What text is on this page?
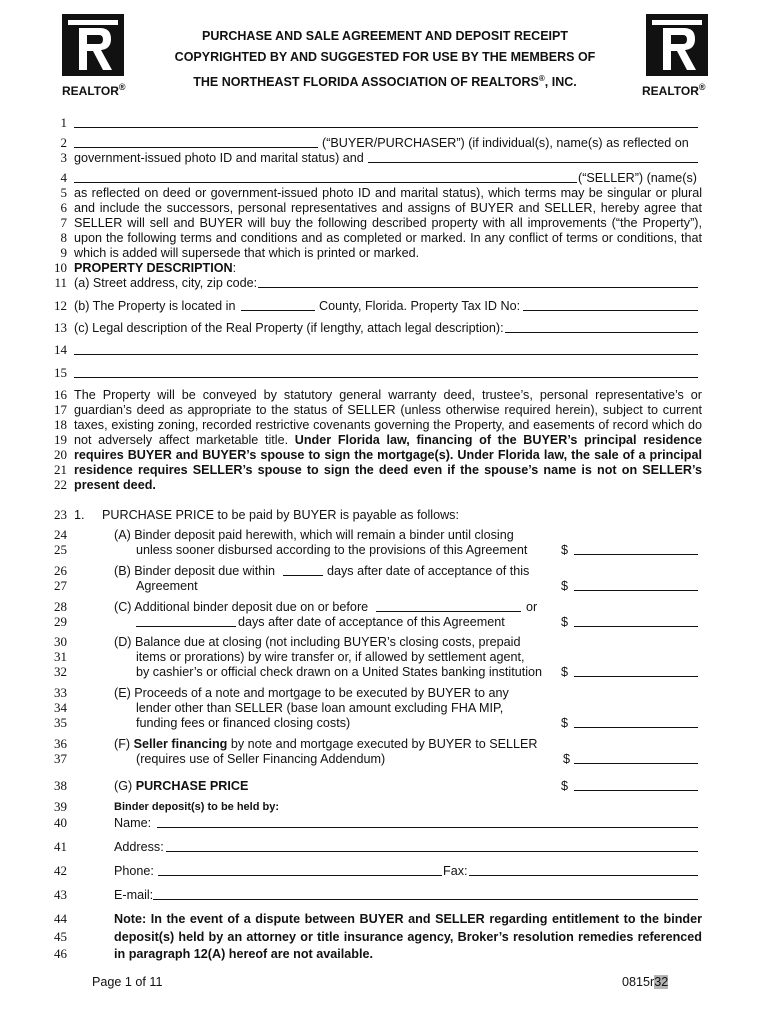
REALTOR®	REALTOR®
PURCHASE AND SALE AGREEMENT AND DEPOSIT RECEIPT
COPYRIGHTED BY AND SUGGESTED FOR USE BY THE MEMBERS OF
THE NORTHEAST FLORIDA ASSOCIATION OF REALTORS®, INC.
1
2	(“BUYER/PURCHASER”) (if individual(s), name(s) as reflected on
3 government-issued photo ID and marital status) and
4	(“SELLER”) (name(s)
5 as reflected on deed or government-issued photo ID and marital status), which terms may be singular or plural
6 and include the successors, personal representatives and assigns of BUYER and SELLER, hereby agree that
7 SELLER will sell and BUYER will buy the following described property with all improvements (“the Property”),
8 upon the following terms and conditions and as completed or marked. In any conflict of terms or conditions, that
9 which is added will supersede that which is printed or marked.
10 PROPERTY DESCRIPTION:
11 (a) Street address, city, zip code:
12 (b) The Property is located in	County, Florida. Property Tax ID No:
13 (c) Legal description of the Real Property (if lengthy, attach legal description):
14
15
16 The Property will be conveyed by statutory general warranty deed, trustee’s, personal representative’s or
17 guardian’s deed as appropriate to the status of SELLER (unless otherwise required herein), subject to current
18 taxes, existing zoning, recorded restrictive covenants governing the Property, and easements of record which do
19 not adversely affect marketable title. Under Florida law, financing of the BUYER’s principal residence
20 requires BUYER and BUYER’s spouse to sign the mortgage(s). Under Florida law, the sale of a principal
21 residence requires SELLER’s spouse to sign the deed even if the spouse’s name is not on SELLER’s
22 present deed.
23 1. PURCHASE PRICE to be paid by BUYER is payable as follows:
24	(A) Binder deposit paid herewith, which will remain a binder until closing
25	unless sooner disbursed according to the provisions of this Agreement	$
26	(B) Binder deposit due within	days after date of acceptance of this
27	Agreement	$
28	(C) Additional binder deposit due on or before	or
29	days after date of acceptance of this Agreement	$
30	(D) Balance due at closing (not including BUYER’s closing costs, prepaid
31	items or prorations) by wire transfer or, if allowed by settlement agent,
32	by cashier’s or official check drawn on a United States banking institution $
33	(E) Proceeds of a note and mortgage to be executed by BUYER to any
34	lender other than SELLER (base loan amount excluding FHA MIP,
35	funding fees or financed closing costs)	$
36	(F) Seller financing by note and mortgage executed by BUYER to SELLER
37	(requires use of Seller Financing Addendum)	$
38	(G) PURCHASE PRICE	$
39	Binder deposit(s) to be held by:
40	Name:
41	Address:
42	Phone:	Fax:
43	E-mail:
44	Note: In the event of a dispute between BUYER and SELLER regarding entitlement to the binder
45	deposit(s) held by an attorney or title insurance agency, Broker’s resolution remedies referenced
46	in paragraph 12(A) hereof are not available.
Page 1 of 11	0815r32
